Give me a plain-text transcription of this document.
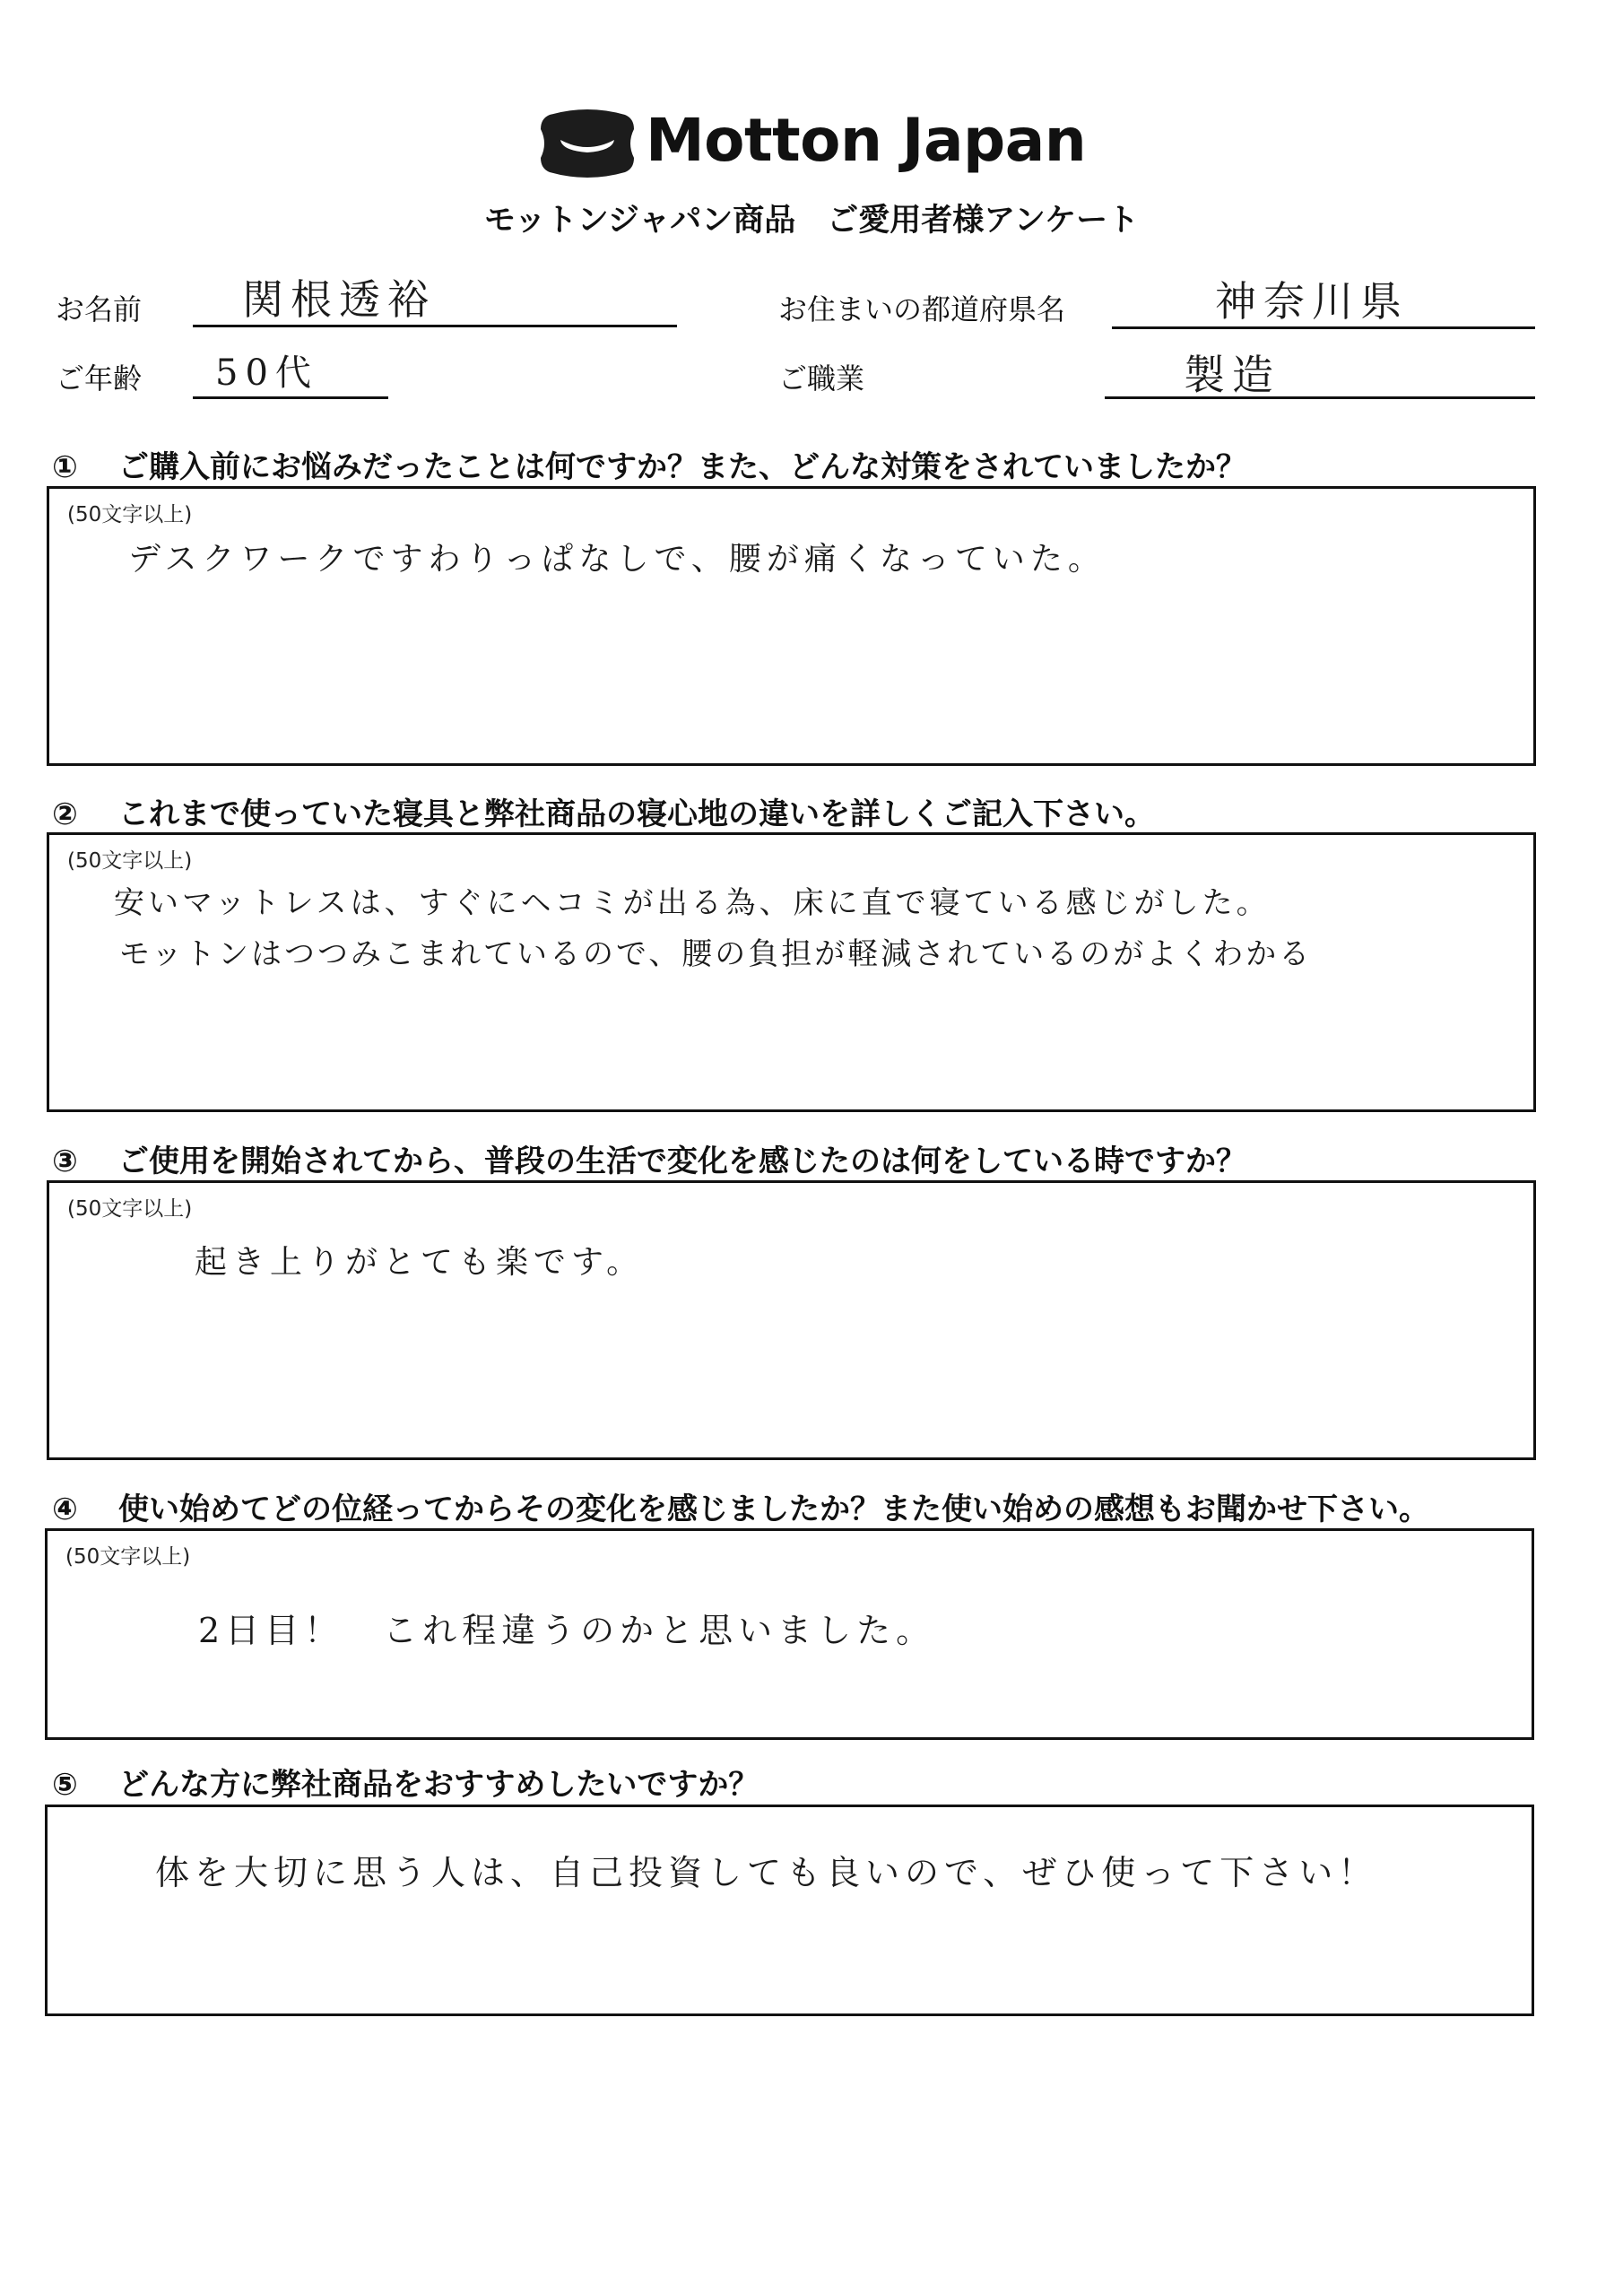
Motton Japan
モットンジャパン商品　ご愛用者様アンケート
お名前 関根透裕	お住まいの都道府県名	神奈川県
ご年齢 50代	ご職業	製造
① ご購入前にお悩みだったことは何ですか？また、どんな対策をされていましたか？
(50文字以上)
デスクワークですわりっぱなしで、腰が痛くなっていた。
② これまで使っていた寝具と弊社商品の寝心地の違いを詳しくご記入下さい。
(50文字以上)
安いマットレスは、すぐにヘコミが出る為、床に直で寝ている感じがした。
モットンはつつみこまれているので、腰の負担が軽減されているのがよくわかる
③ ご使用を開始されてから、普段の生活で変化を感じたのは何をしている時ですか？
(50文字以上)
起き上りがとても楽です。
④ 使い始めてどの位経ってからその変化を感じましたか？また使い始めの感想もお聞かせ下さい。
(50文字以上)
2日目！　これ程違うのかと思いました。
⑤ どんな方に弊社商品をおすすめしたいですか？
体を大切に思う人は、自己投資しても良いので、ぜひ使って下さい！
